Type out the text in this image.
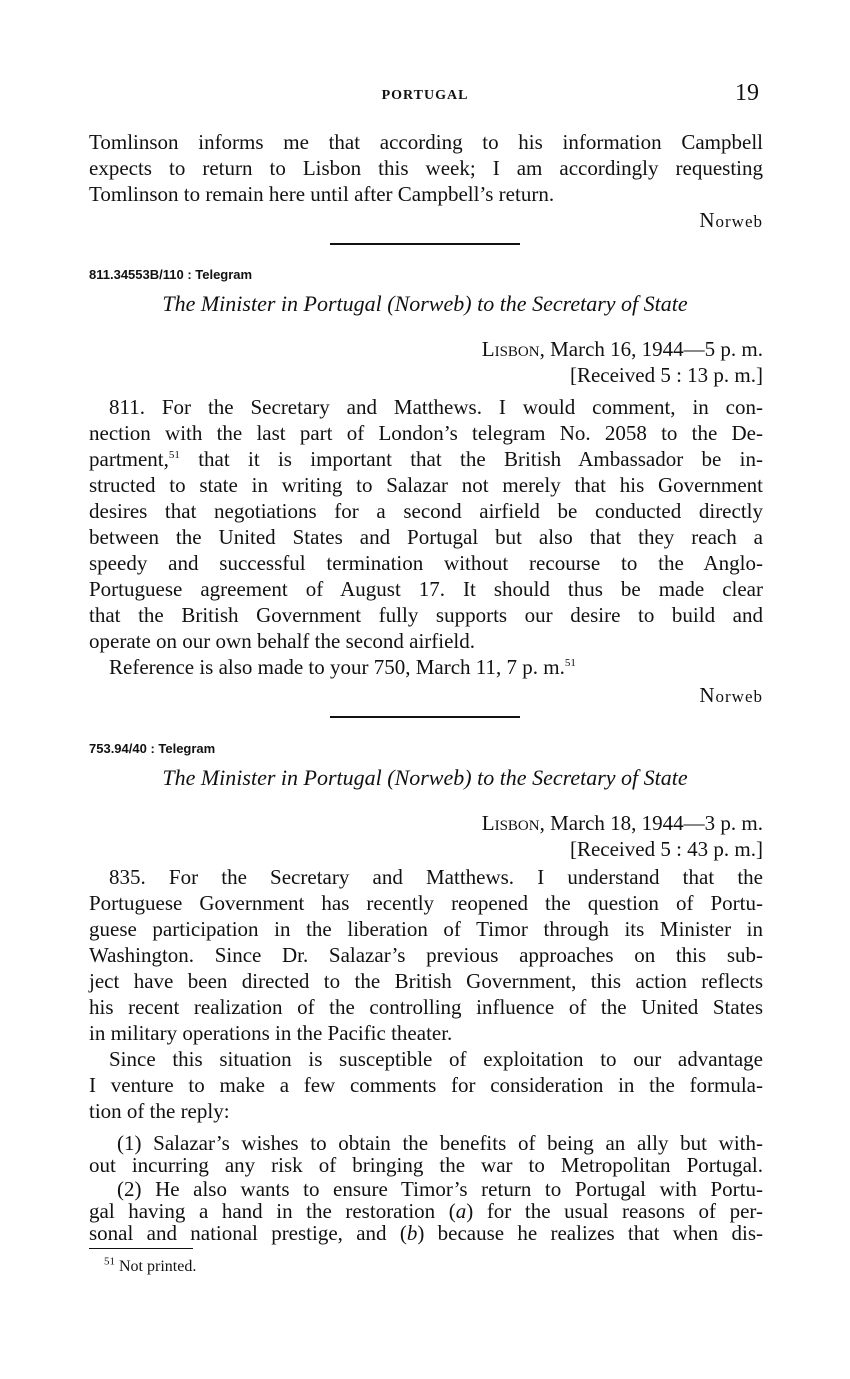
PORTUGAL	19
Tomlinson informs me that according to his information Campbell
expects to return to Lisbon this week; I am accordingly requesting
Tomlinson to remain here until after Campbell’s return.
Norweb
811.34553B/110 : Telegram
The Minister in Portugal (Norweb) to the Secretary of State
Lisbon, March 16, 1944—5 p. m.
[Received 5 : 13 p. m.]
811. For the Secretary and Matthews. I would comment, in con-
nection with the last part of London’s telegram No. 2058 to the De-
partment,$^{51}$ that it is important that the British Ambassador be in-
structed to state in writing to Salazar not merely that his Government
desires that negotiations for a second airfield be conducted directly
between the United States and Portugal but also that they reach a
speedy and successful termination without recourse to the Anglo-
Portuguese agreement of August 17. It should thus be made clear
that the British Government fully supports our desire to build and
operate on our own behalf the second airfield.
Reference is also made to your 750, March 11, 7 p. m.$^{51}$
Norweb
753.94/40 : Telegram
The Minister in Portugal (Norweb) to the Secretary of State
Lisbon, March 18, 1944—3 p. m.
[Received 5 : 43 p. m.]
835. For the Secretary and Matthews. I understand that the
Portuguese Government has recently reopened the question of Portu-
guese participation in the liberation of Timor through its Minister in
Washington. Since Dr. Salazar’s previous approaches on this sub-
ject have been directed to the British Government, this action reflects
his recent realization of the controlling influence of the United States
in military operations in the Pacific theater.
Since this situation is susceptible of exploitation to our advantage
I venture to make a few comments for consideration in the formula-
tion of the reply:
(1) Salazar’s wishes to obtain the benefits of being an ally but with-
out incurring any risk of bringing the war to Metropolitan Portugal.
(2) He also wants to ensure Timor’s return to Portugal with Portu-
gal having a hand in the restoration (a) for the usual reasons of per-
sonal and national prestige, and (b) because he realizes that when dis-
$^{51}$ Not printed.
